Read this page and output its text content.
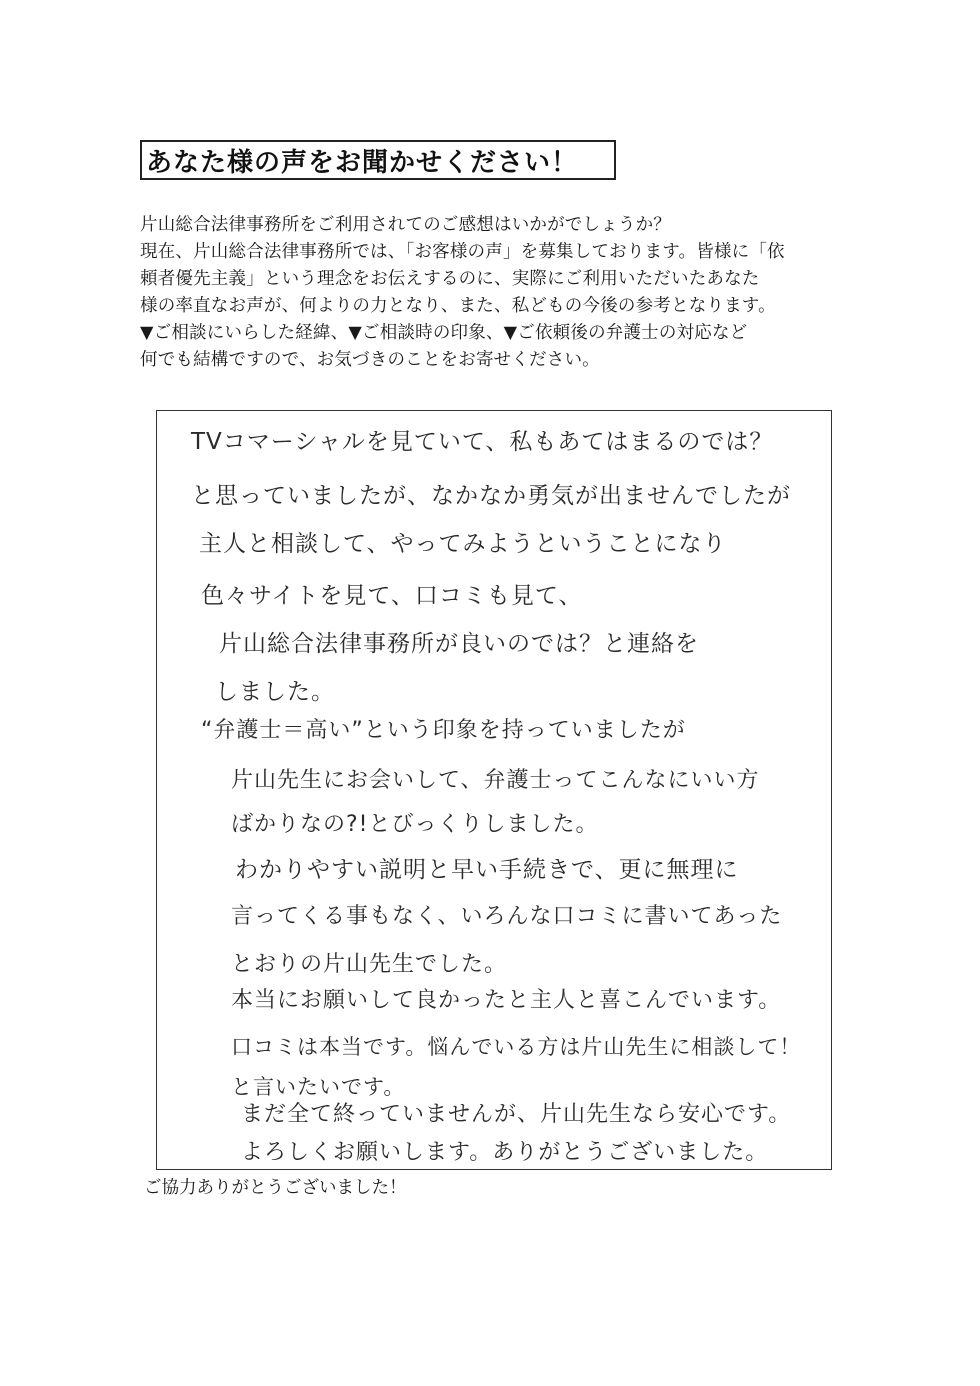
あなた様の声をお聞かせください！
片山総合法律事務所をご利用されてのご感想はいかがでしょうか？
現在、片山総合法律事務所では、「お客様の声」を募集しております。皆様に「依
頼者優先主義」という理念をお伝えするのに、実際にご利用いただいたあなた
様の率直なお声が、何よりの力となり、また、私どもの今後の参考となります。
▼ご相談にいらした経緯、▼ご相談時の印象、▼ご依頼後の弁護士の対応など
何でも結構ですので、お気づきのことをお寄せください。
TVコマーシャルを見ていて、私もあてはまるのでは？
と思っていましたが、なかなか勇気が出ませんでしたが
主人と相談して、やってみようということになり
色々サイトを見て、口コミも見て、
片山総合法律事務所が良いのでは？と連絡を
しました。
“弁護士＝高い”という印象を持っていましたが
片山先生にお会いして、弁護士ってこんなにいい方
ばかりなの?!とびっくりしました。
わかりやすい説明と早い手続きで、更に無理に
言ってくる事もなく、いろんな口コミに書いてあった
とおりの片山先生でした。
本当にお願いして良かったと主人と喜こんでいます。
口コミは本当です。悩んでいる方は片山先生に相談して！
と言いたいです。
まだ全て終っていませんが、片山先生なら安心です。
よろしくお願いします。ありがとうございました。
ご協力ありがとうございました！
